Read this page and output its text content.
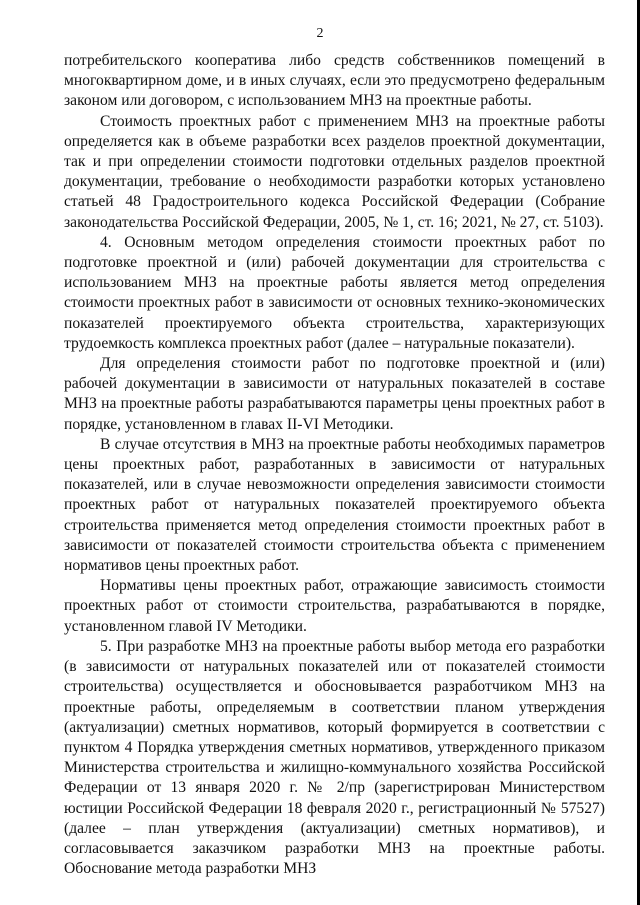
2

потребительского кооператива либо средств собственников помещений в многоквартирном доме, и в иных случаях, если это предусмотрено федеральным законом или договором, с использованием МНЗ на проектные работы.

Стоимость проектных работ с применением МНЗ на проектные работы определяется как в объеме разработки всех разделов проектной документации, так и при определении стоимости подготовки отдельных разделов проектной документации, требование о необходимости разработки которых установлено статьей 48 Градостроительного кодекса Российской Федерации (Собрание законодательства Российской Федерации, 2005, № 1, ст. 16; 2021, № 27, ст. 5103).

4. Основным методом определения стоимости проектных работ по подготовке проектной и (или) рабочей документации для строительства с использованием МНЗ на проектные работы является метод определения стоимости проектных работ в зависимости от основных технико-экономических показателей проектируемого объекта строительства, характеризующих трудоемкость комплекса проектных работ (далее – натуральные показатели).

Для определения стоимости работ по подготовке проектной и (или) рабочей документации в зависимости от натуральных показателей в составе МНЗ на проектные работы разрабатываются параметры цены проектных работ в порядке, установленном в главах II-VI Методики.

В случае отсутствия в МНЗ на проектные работы необходимых параметров цены проектных работ, разработанных в зависимости от натуральных показателей, или в случае невозможности определения зависимости стоимости проектных работ от натуральных показателей проектируемого объекта строительства применяется метод определения стоимости проектных работ в зависимости от показателей стоимости строительства объекта с применением нормативов цены проектных работ.

Нормативы цены проектных работ, отражающие зависимость стоимости проектных работ от стоимости строительства, разрабатываются в порядке, установленном главой IV Методики.

5. При разработке МНЗ на проектные работы выбор метода его разработки (в зависимости от натуральных показателей или от показателей стоимости строительства) осуществляется и обосновывается разработчиком МНЗ на проектные работы, определяемым в соответствии планом утверждения (актуализации) сметных нормативов, который формируется в соответствии с пунктом 4 Порядка утверждения сметных нормативов, утвержденного приказом Министерства строительства и жилищно-коммунального хозяйства Российской Федерации от 13 января 2020 г. № 2/пр (зарегистрирован Министерством юстиции Российской Федерации 18 февраля 2020 г., регистрационный № 57527) (далее – план утверждения (актуализации) сметных нормативов), и согласовывается заказчиком разработки МНЗ на проектные работы. Обоснование метода разработки МНЗ
